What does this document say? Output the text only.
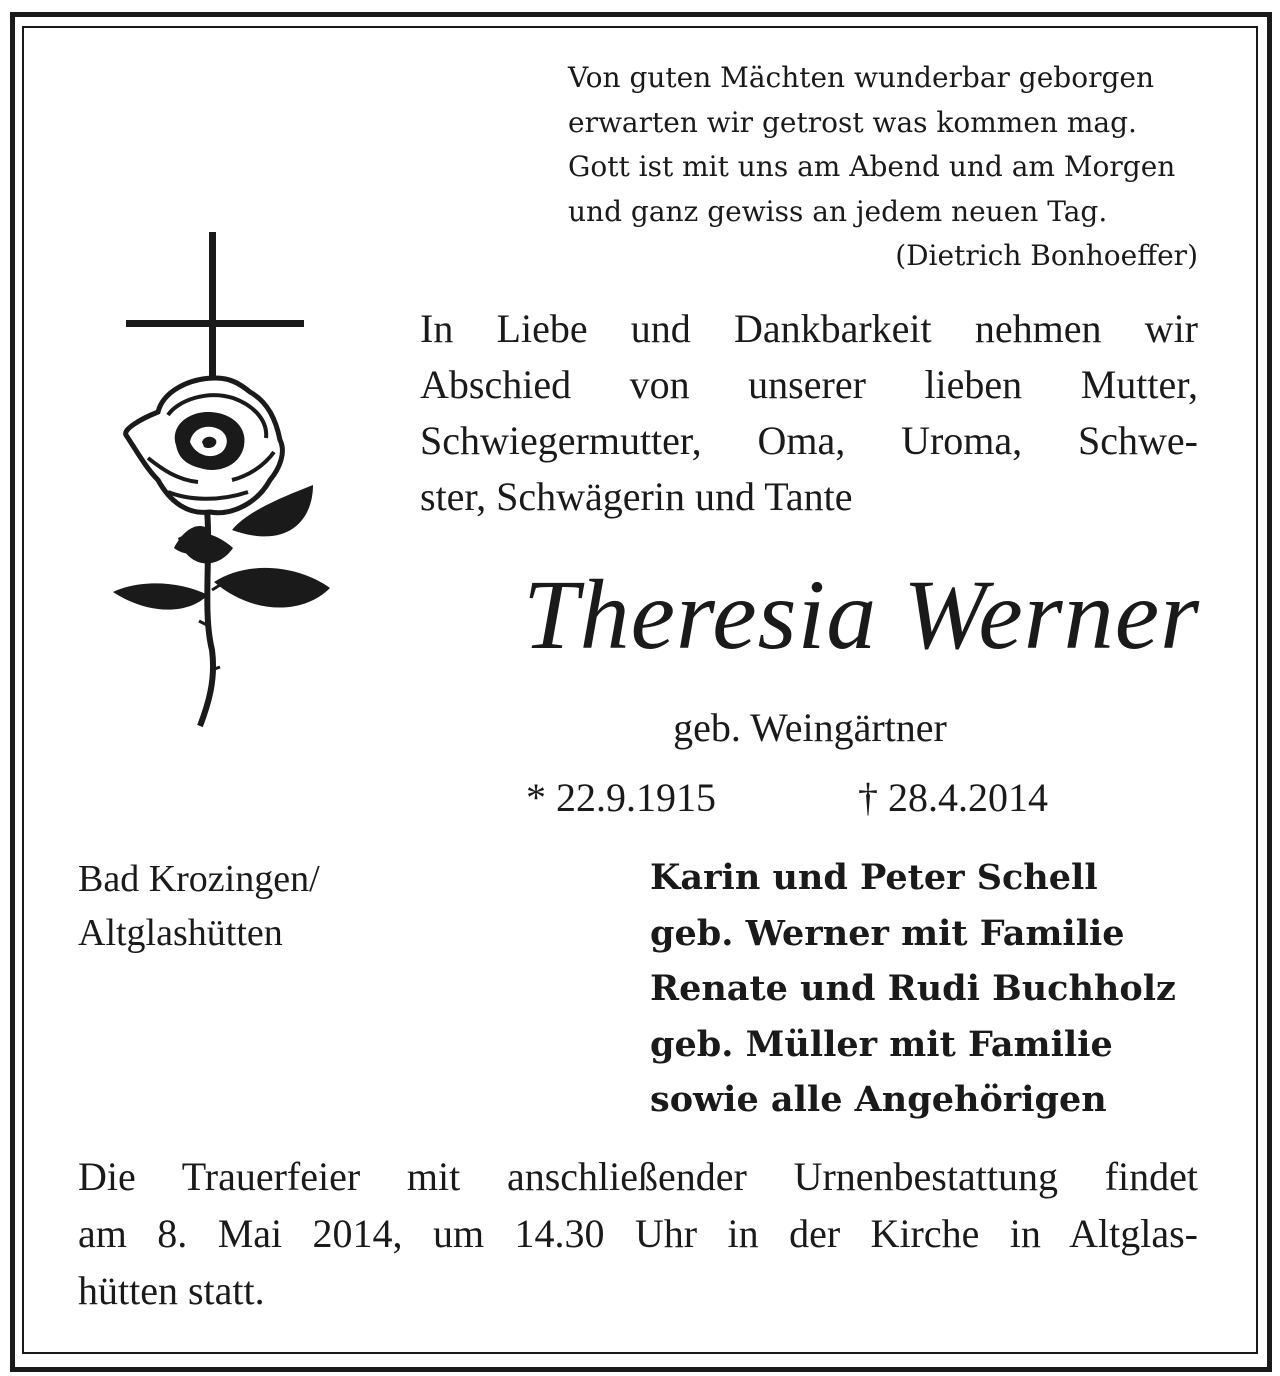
Von guten Mächten wunderbar geborgen
erwarten wir getrost was kommen mag.
Gott ist mit uns am Abend und am Morgen
und ganz gewiss an jedem neuen Tag.
(Dietrich Bonhoeffer)
In Liebe und Dankbarkeit nehmen wir
Abschied von unserer lieben Mutter,
Schwiegermutter, Oma, Uroma, Schwe-
ster, Schwägerin und Tante
Theresia Werner
geb. Weingärtner
* 22.9.1915	† 28.4.2014
Bad Krozingen/
Altglashütten
Karin und Peter Schell
geb. Werner mit Familie
Renate und Rudi Buchholz
geb. Müller mit Familie
sowie alle Angehörigen
Die Trauerfeier mit anschließender Urnenbestattung findet
am 8. Mai 2014, um 14.30 Uhr in der Kirche in Altglas-
hütten statt.
